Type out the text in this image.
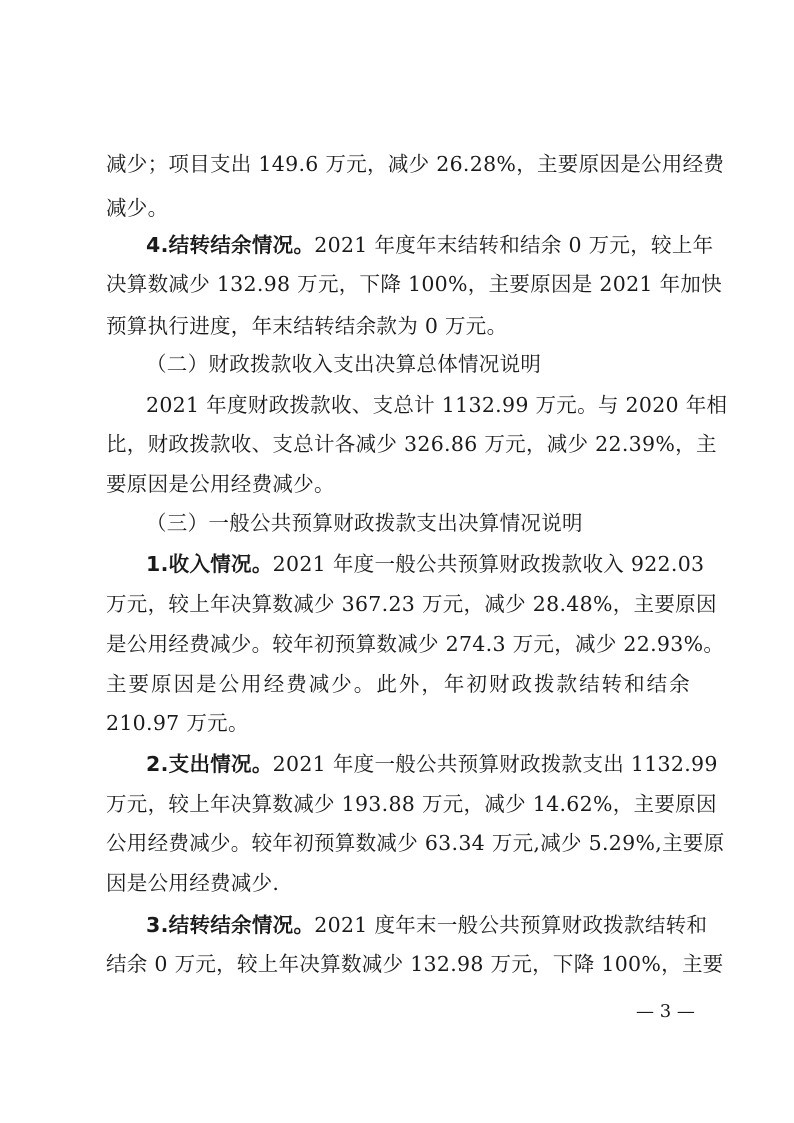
减少；项目支出 149.6 万元，减少 26.28%，主要原因是公用经费
减少。
4.结转结余情况。2021 年度年末结转和结余 0 万元，较上年
决算数减少 132.98 万元，下降 100%，主要原因是 2021 年加快
预算执行进度，年末结转结余款为 0 万元。
（二）财政拨款收入支出决算总体情况说明
2021 年度财政拨款收、支总计 1132.99 万元。与 2020 年相
比，财政拨款收、支总计各减少 326.86 万元，减少 22.39%，主
要原因是公用经费减少。
（三）一般公共预算财政拨款支出决算情况说明
1.收入情况。2021 年度一般公共预算财政拨款收入 922.03
万元，较上年决算数减少 367.23 万元，减少 28.48%，主要原因
是公用经费减少。较年初预算数减少 274.3 万元，减少 22.93%。
主要原因是公用经费减少。此外，年初财政拨款结转和结余
210.97 万元。
2.支出情况。2021 年度一般公共预算财政拨款支出 1132.99
万元，较上年决算数减少 193.88 万元，减少 14.62%，主要原因
公用经费减少。较年初预算数减少 63.34 万元,减少 5.29%,主要原
因是公用经费减少.
3.结转结余情况。2021 度年末一般公共预算财政拨款结转和
结余 0 万元，较上年决算数减少 132.98 万元，下降 100%，主要
— 3 —
